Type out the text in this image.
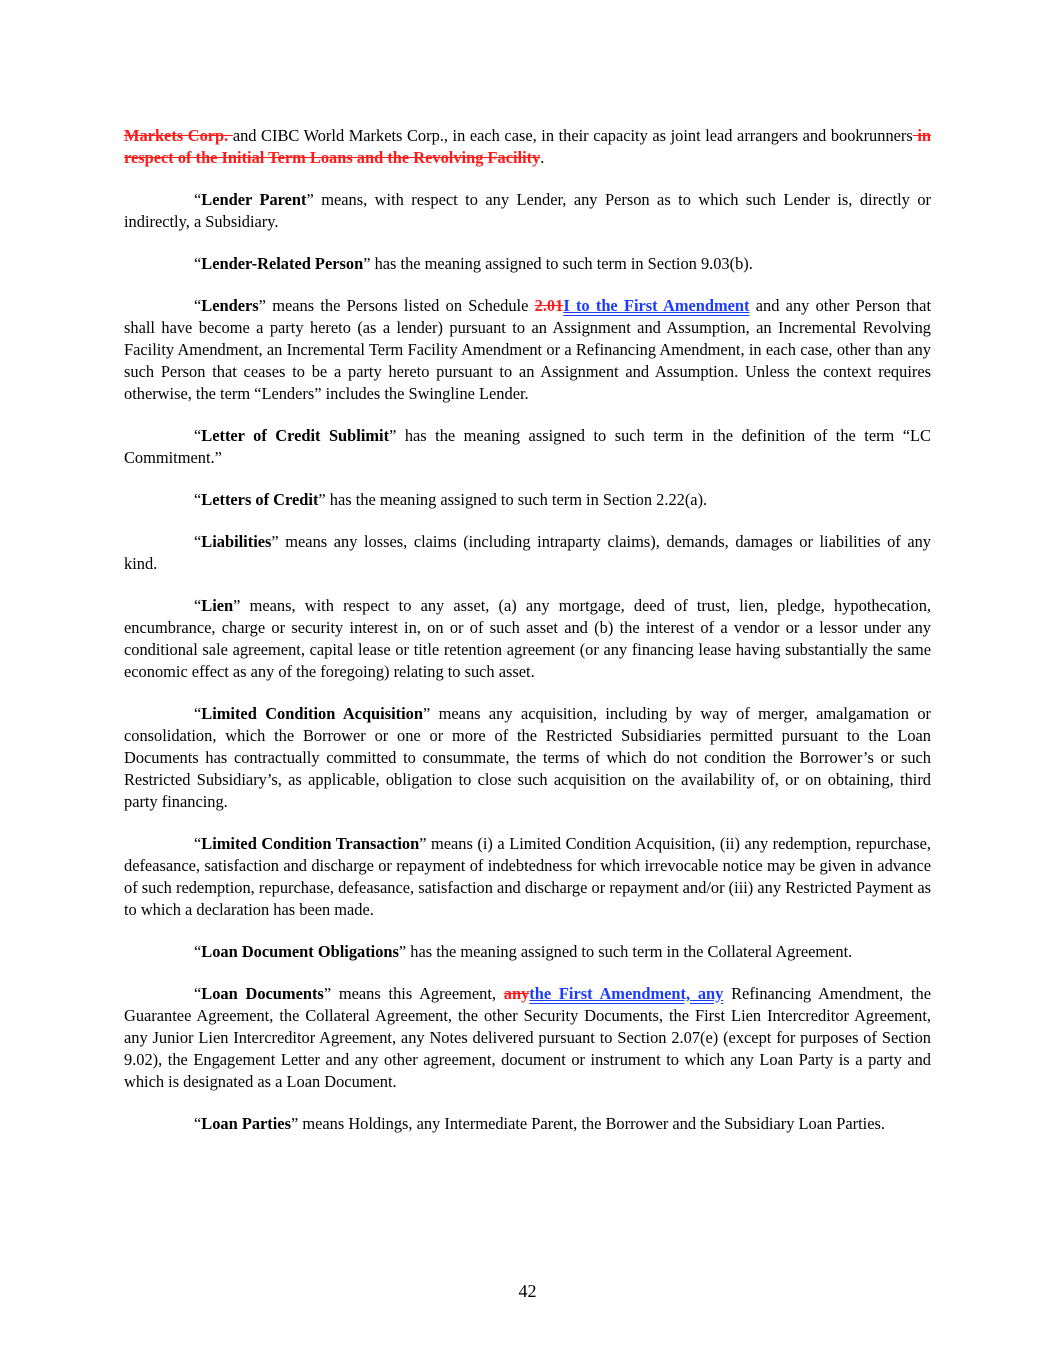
Markets Corp. and CIBC World Markets Corp., in each case, in their capacity as joint lead arrangers and bookrunners in respect of the Initial Term Loans and the Revolving Facility.

“Lender Parent” means, with respect to any Lender, any Person as to which such Lender is, directly or indirectly, a Subsidiary.

“Lender-Related Person” has the meaning assigned to such term in Section 9.03(b).

“Lenders” means the Persons listed on Schedule 2.01I to the First Amendment and any other Person that shall have become a party hereto (as a lender) pursuant to an Assignment and Assumption, an Incremental Revolving Facility Amendment, an Incremental Term Facility Amendment or a Refinancing Amendment, in each case, other than any such Person that ceases to be a party hereto pursuant to an Assignment and Assumption. Unless the context requires otherwise, the term “Lenders” includes the Swingline Lender.

“Letter of Credit Sublimit” has the meaning assigned to such term in the definition of the term “LC Commitment.”

“Letters of Credit” has the meaning assigned to such term in Section 2.22(a).

“Liabilities” means any losses, claims (including intraparty claims), demands, damages or liabilities of any kind.

“Lien” means, with respect to any asset, (a) any mortgage, deed of trust, lien, pledge, hypothecation, encumbrance, charge or security interest in, on or of such asset and (b) the interest of a vendor or a lessor under any conditional sale agreement, capital lease or title retention agreement (or any financing lease having substantially the same economic effect as any of the foregoing) relating to such asset.

“Limited Condition Acquisition” means any acquisition, including by way of merger, amalgamation or consolidation, which the Borrower or one or more of the Restricted Subsidiaries permitted pursuant to the Loan Documents has contractually committed to consummate, the terms of which do not condition the Borrower’s or such Restricted Subsidiary’s, as applicable, obligation to close such acquisition on the availability of, or on obtaining, third party financing.

“Limited Condition Transaction” means (i) a Limited Condition Acquisition, (ii) any redemption, repurchase, defeasance, satisfaction and discharge or repayment of indebtedness for which irrevocable notice may be given in advance of such redemption, repurchase, defeasance, satisfaction and discharge or repayment and/or (iii) any Restricted Payment as to which a declaration has been made.

“Loan Document Obligations” has the meaning assigned to such term in the Collateral Agreement.

“Loan Documents” means this Agreement, anythe First Amendment, any Refinancing Amendment, the Guarantee Agreement, the Collateral Agreement, the other Security Documents, the First Lien Intercreditor Agreement, any Junior Lien Intercreditor Agreement, any Notes delivered pursuant to Section 2.07(e) (except for purposes of Section 9.02), the Engagement Letter and any other agreement, document or instrument to which any Loan Party is a party and which is designated as a Loan Document.

“Loan Parties” means Holdings, any Intermediate Parent, the Borrower and the Subsidiary Loan Parties.

42
